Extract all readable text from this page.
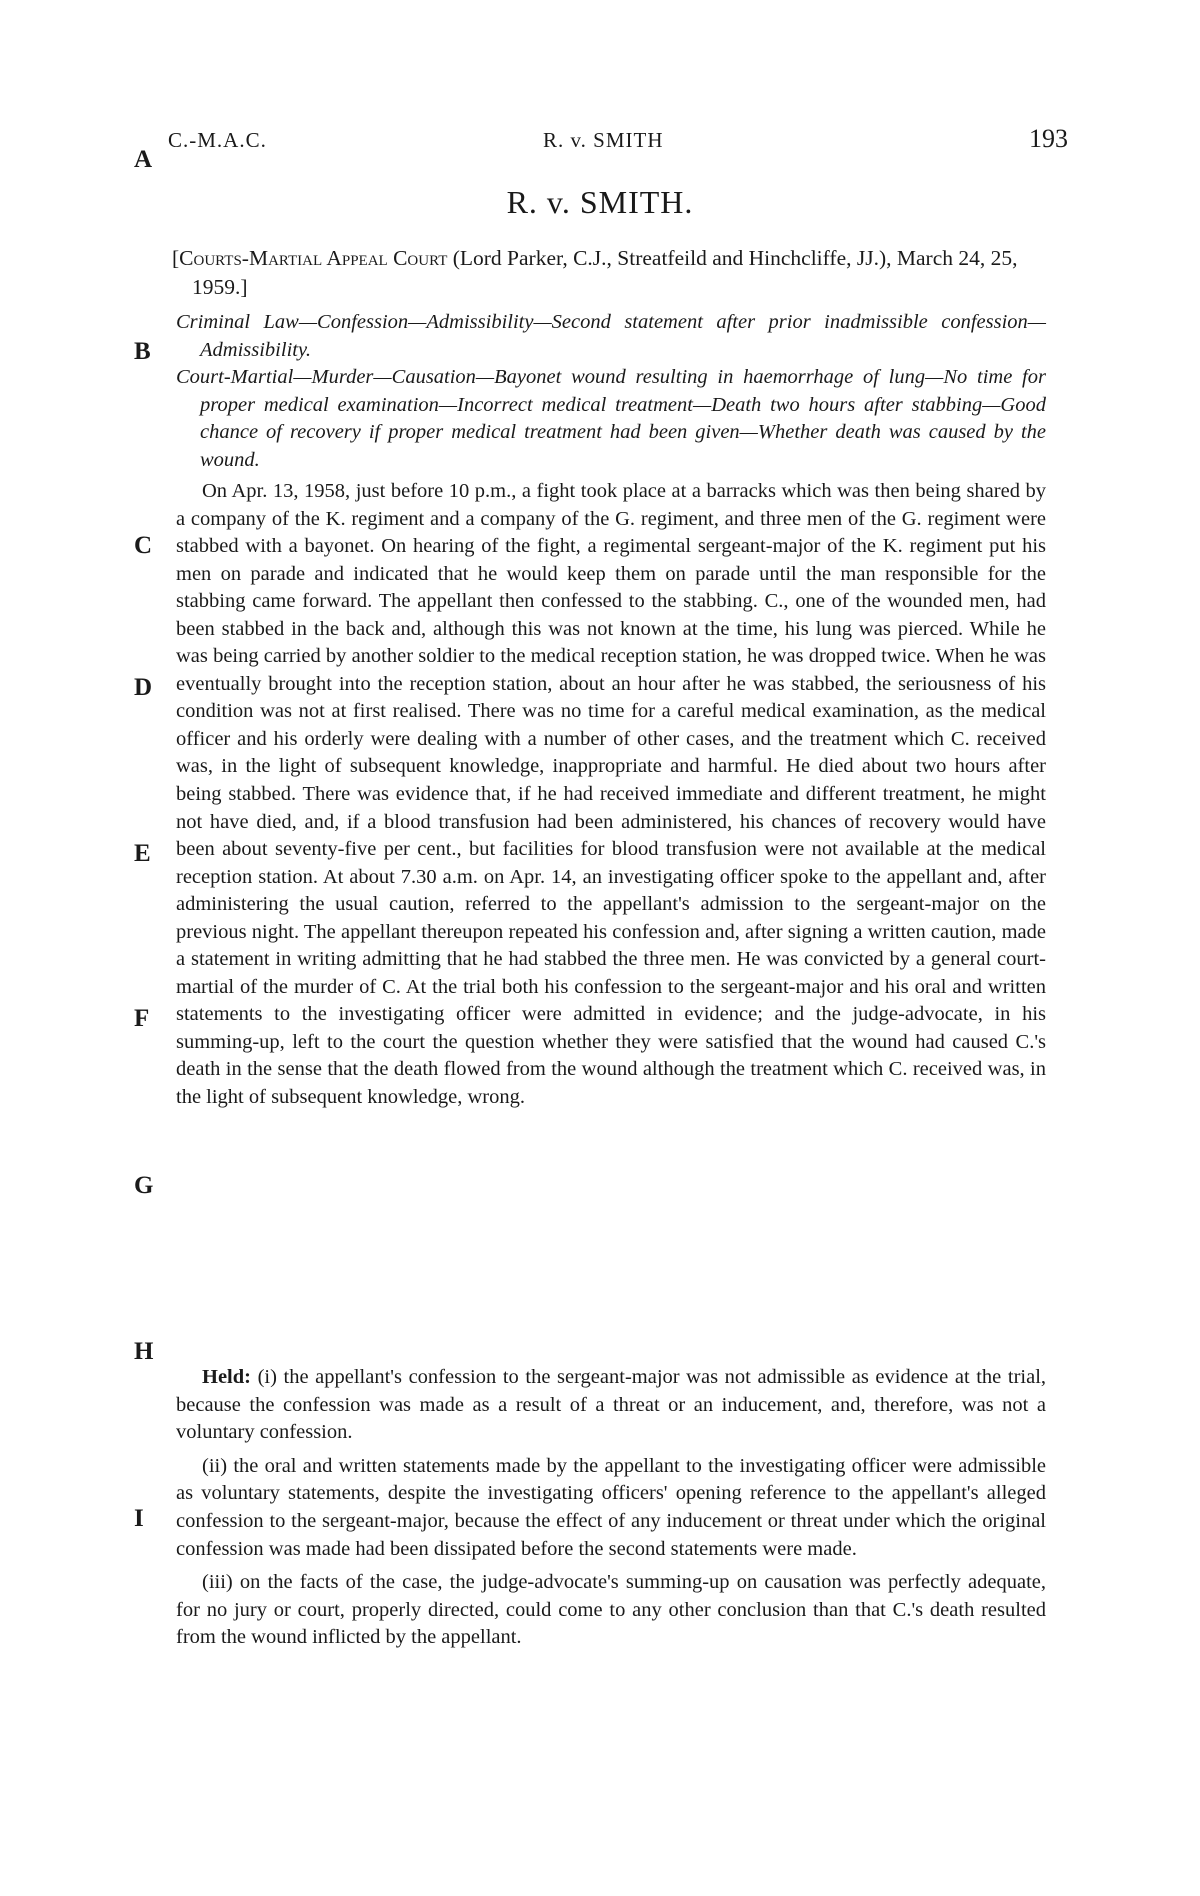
C.-M.A.C.	R. v. SMITH	193
A
B
C
D
E
F
G
H
I
R. v. SMITH.
[Courts-Martial Appeal Court (Lord Parker, C.J., Streatfeild and Hinchcliffe, JJ.), March 24, 25, 1959.]

Criminal Law—Confession—Admissibility—Second statement after prior inadmissible confession—Admissibility.

Court-Martial—Murder—Causation—Bayonet wound resulting in haemorrhage of lung—No time for proper medical examination—Incorrect medical treatment—Death two hours after stabbing—Good chance of recovery if proper medical treatment had been given—Whether death was caused by the wound.

On Apr. 13, 1958, just before 10 p.m., a fight took place at a barracks which was then being shared by a company of the K. regiment and a company of the G. regiment, and three men of the G. regiment were stabbed with a bayonet. On hearing of the fight, a regimental sergeant-major of the K. regiment put his men on parade and indicated that he would keep them on parade until the man responsible for the stabbing came forward. The appellant then confessed to the stabbing. C., one of the wounded men, had been stabbed in the back and, although this was not known at the time, his lung was pierced. While he was being carried by another soldier to the medical reception station, he was dropped twice. When he was eventually brought into the reception station, about an hour after he was stabbed, the seriousness of his condition was not at first realised. There was no time for a careful medical examination, as the medical officer and his orderly were dealing with a number of other cases, and the treatment which C. received was, in the light of subsequent knowledge, inappropriate and harmful. He died about two hours after being stabbed. There was evidence that, if he had received immediate and different treatment, he might not have died, and, if a blood transfusion had been administered, his chances of recovery would have been about seventy-five per cent., but facilities for blood transfusion were not available at the medical reception station. At about 7.30 a.m. on Apr. 14, an investigating officer spoke to the appellant and, after administering the usual caution, referred to the appellant's admission to the sergeant-major on the previous night. The appellant thereupon repeated his confession and, after signing a written caution, made a statement in writing admitting that he had stabbed the three men. He was convicted by a general court-martial of the murder of C. At the trial both his confession to the sergeant-major and his oral and written statements to the investigating officer were admitted in evidence; and the judge-advocate, in his summing-up, left to the court the question whether they were satisfied that the wound had caused C.'s death in the sense that the death flowed from the wound although the treatment which C. received was, in the light of subsequent knowledge, wrong.

Held: (i) the appellant's confession to the sergeant-major was not admissible as evidence at the trial, because the confession was made as a result of a threat or an inducement, and, therefore, was not a voluntary confession.

(ii) the oral and written statements made by the appellant to the investigating officer were admissible as voluntary statements, despite the investigating officers' opening reference to the appellant's alleged confession to the sergeant-major, because the effect of any inducement or threat under which the original confession was made had been dissipated before the second statements were made.

(iii) on the facts of the case, the judge-advocate's summing-up on causation was perfectly adequate, for no jury or court, properly directed, could come to any other conclusion than that C.'s death resulted from the wound inflicted by the appellant.
